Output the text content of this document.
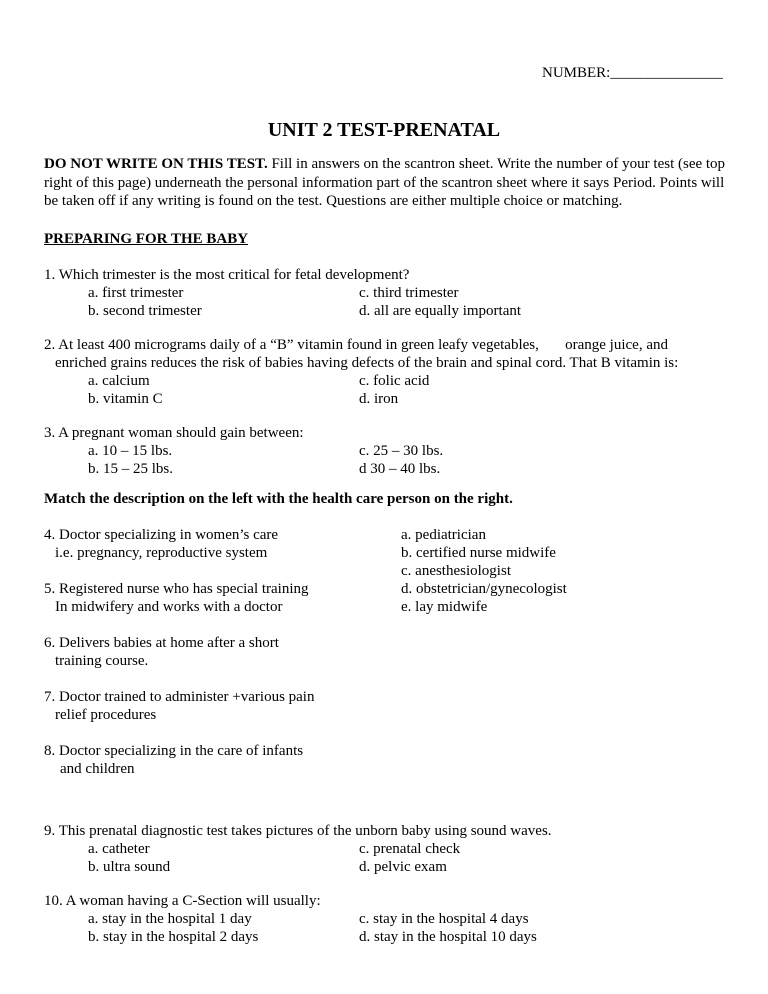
NUMBER:_______________
UNIT 2 TEST-PRENATAL
DO NOT WRITE ON THIS TEST. Fill in answers on the scantron sheet. Write the number of your test (see top right of this page) underneath the personal information part of the scantron sheet where it says Period. Points will be taken off if any writing is found on the test. Questions are either multiple choice or matching.
PREPARING FOR THE BABY
1. Which trimester is the most critical for fetal development?
a. first trimester
b. second trimester
c. third trimester
d. all are equally important
2. At least 400 micrograms daily of a “B” vitamin found in green leafy vegetables,       orange juice, and
enriched grains reduces the risk of babies having defects of the brain and spinal cord. That B vitamin is:
a. calcium
b. vitamin C
c. folic acid
d. iron
3. A pregnant woman should gain between:
a. 10 – 15 lbs.
b. 15 – 25 lbs.
c. 25 – 30 lbs.
d 30 – 40 lbs.
Match the description on the left with the health care person on the right.
4. Doctor specializing in women’s care
i.e. pregnancy, reproductive system
5. Registered nurse who has special training
In midwifery and works with a doctor
6. Delivers babies at home after a short
training course.
7. Doctor trained to administer +various pain
relief procedures
8. Doctor specializing in the care of infants
and children
a. pediatrician
b. certified nurse midwife
c. anesthesiologist
d. obstetrician/gynecologist
e. lay midwife
9. This prenatal diagnostic test takes pictures of the unborn baby using sound waves.
a. catheter
b. ultra sound
c. prenatal check
d. pelvic exam
10. A woman having a C-Section will usually:
a. stay in the hospital 1 day
b. stay in the hospital 2 days
c. stay in the hospital 4 days
d. stay in the hospital 10 days
